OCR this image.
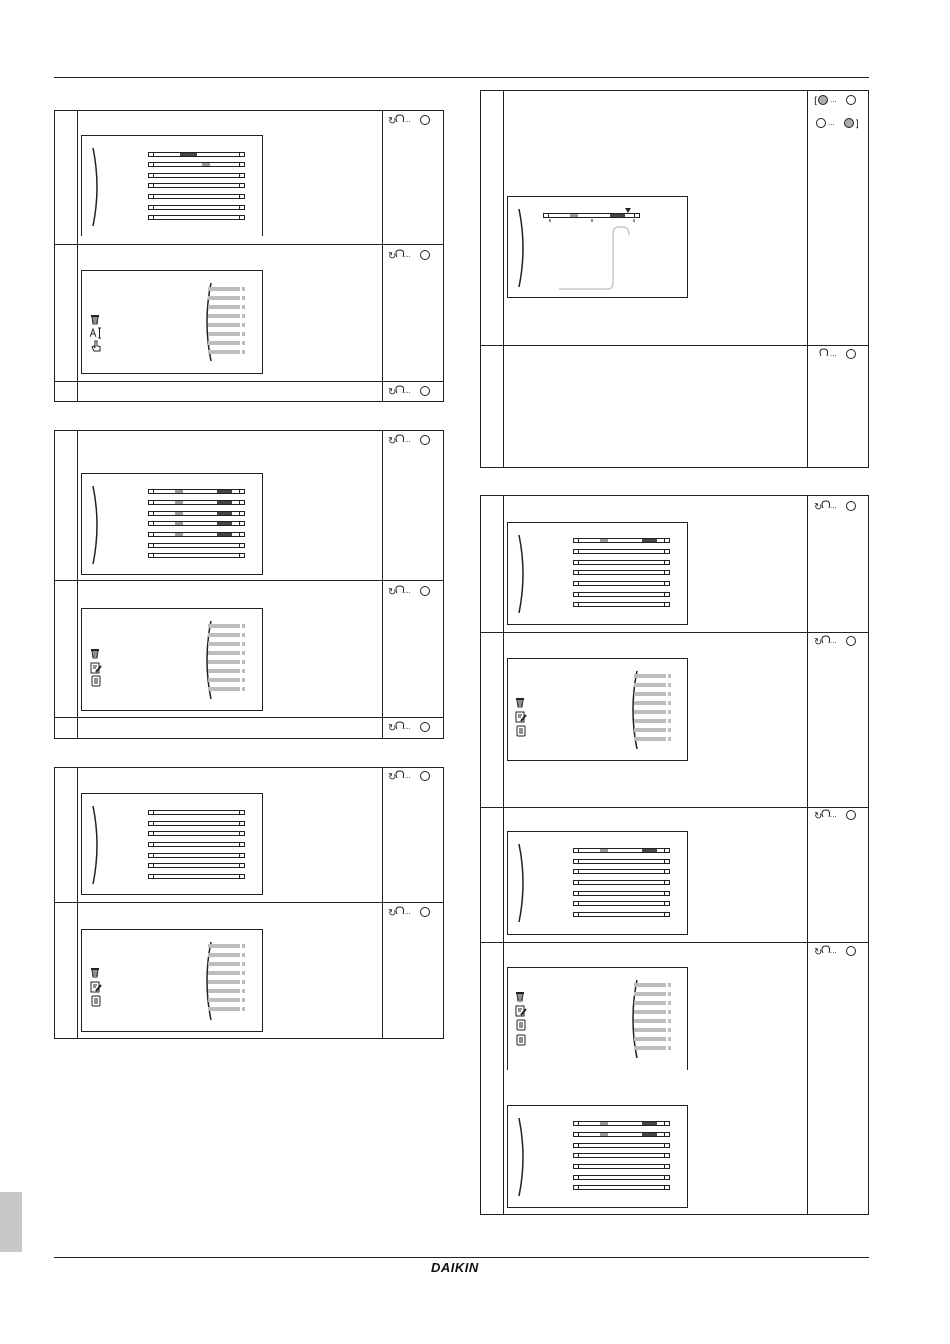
DAIKIN
↻ ···
↻ ···
↻ ···
↻ ···
↻ ···
↻ ···
↻ ···
↻ ···
[ ···
··· ]
···
↻ ···
↻ ···
↻ ···
↻ ···
